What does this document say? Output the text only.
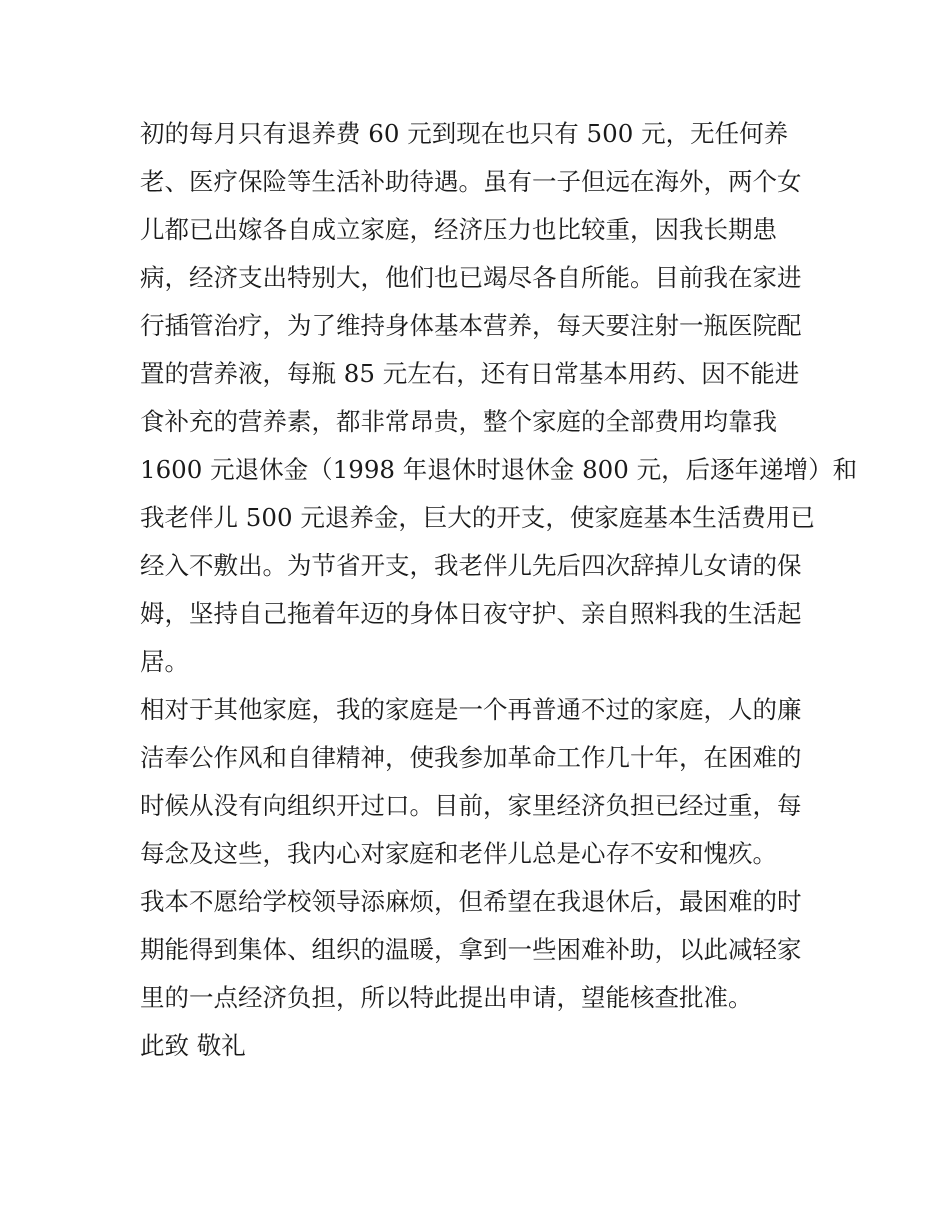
初的每月只有退养费 60 元到现在也只有 500 元，无任何养
老、医疗保险等生活补助待遇。虽有一子但远在海外，两个女
儿都已出嫁各自成立家庭，经济压力也比较重，因我长期患
病，经济支出特别大，他们也已竭尽各自所能。目前我在家进
行插管治疗，为了维持身体基本营养，每天要注射一瓶医院配
置的营养液，每瓶 85 元左右，还有日常基本用药、因不能进
食补充的营养素，都非常昂贵，整个家庭的全部费用均靠我
1600 元退休金（1998 年退休时退休金 800 元，后逐年递增）和
我老伴儿 500 元退养金，巨大的开支，使家庭基本生活费用已
经入不敷出。为节省开支，我老伴儿先后四次辞掉儿女请的保
姆，坚持自己拖着年迈的身体日夜守护、亲自照料我的生活起
居。
相对于其他家庭，我的家庭是一个再普通不过的家庭，人的廉
洁奉公作风和自律精神，使我参加革命工作几十年，在困难的
时候从没有向组织开过口。目前，家里经济负担已经过重，每
每念及这些，我内心对家庭和老伴儿总是心存不安和愧疚。
我本不愿给学校领导添麻烦，但希望在我退休后，最困难的时
期能得到集体、组织的温暖，拿到一些困难补助，以此减轻家
里的一点经济负担，所以特此提出申请，望能核查批准。
此致 敬礼
